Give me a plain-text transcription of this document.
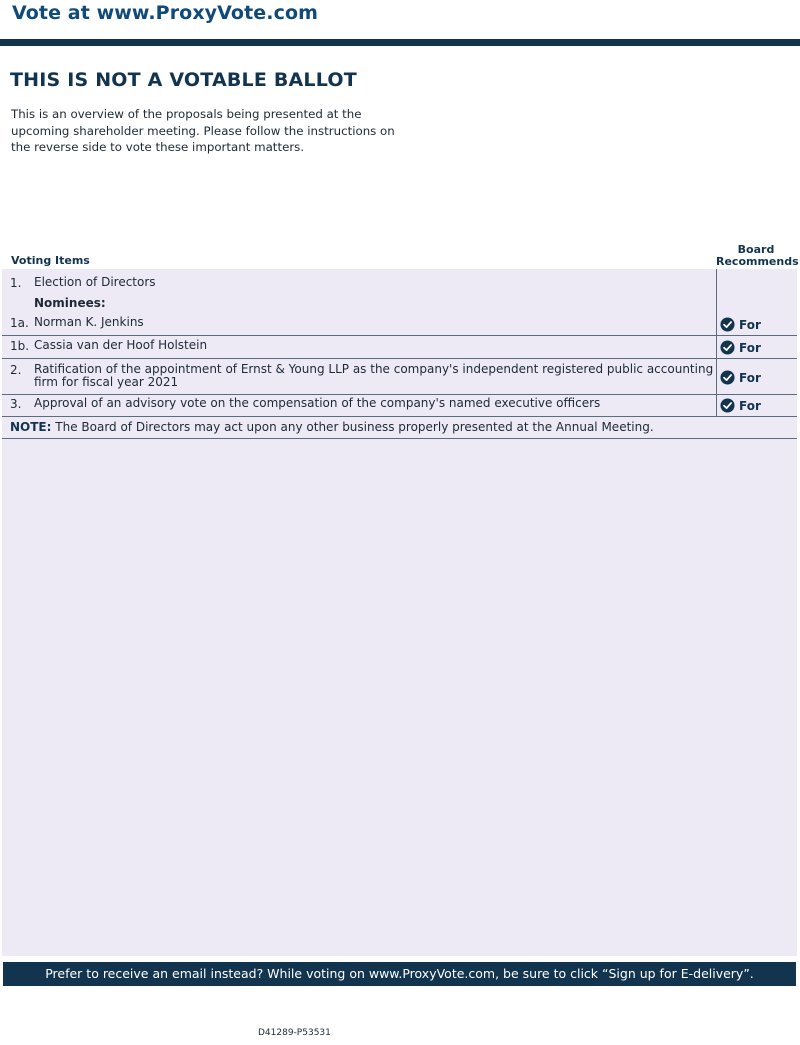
Vote at www.ProxyVote.com
THIS IS NOT A VOTABLE BALLOT
This is an overview of the proposals being presented at the
upcoming shareholder meeting. Please follow the instructions on
the reverse side to vote these important matters.
Voting Items
Board
Recommends
1. Election of Directors
Nominees:
1a. Norman K. Jenkins	For
1b. Cassia van der Hoof Holstein	For
2. Ratification of the appointment of Ernst & Young LLP as the company's independent registered public accounting firm for fiscal year 2021	For
3. Approval of an advisory vote on the compensation of the company's named executive officers	For
NOTE: The Board of Directors may act upon any other business properly presented at the Annual Meeting.
Prefer to receive an email instead? While voting on www.ProxyVote.com, be sure to click “Sign up for E-delivery”.
D41289-P53531
